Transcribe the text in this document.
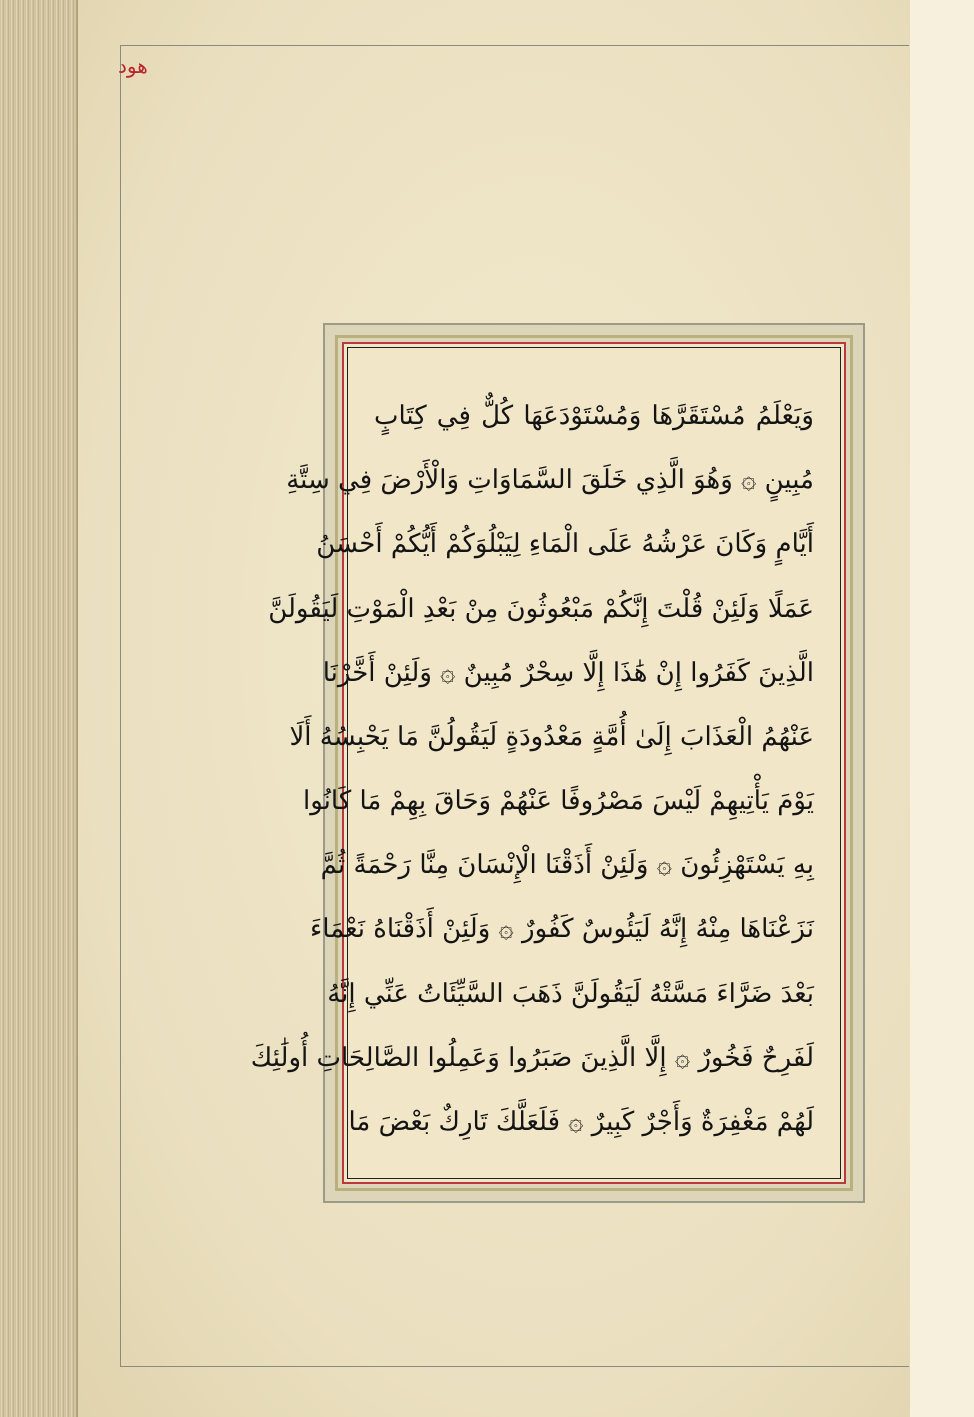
هود
وَيَعْلَمُ مُسْتَقَرَّهَا وَمُسْتَوْدَعَهَا كُلٌّ فِي كِتَابٍ
مُبِينٍ ۞ وَهُوَ الَّذِي خَلَقَ السَّمَاوَاتِ وَالْأَرْضَ فِي سِتَّةِ
أَيَّامٍ وَكَانَ عَرْشُهُ عَلَى الْمَاءِ لِيَبْلُوَكُمْ أَيُّكُمْ أَحْسَنُ
عَمَلًا وَلَئِنْ قُلْتَ إِنَّكُمْ مَبْعُوثُونَ مِنْ بَعْدِ الْمَوْتِ لَيَقُولَنَّ
الَّذِينَ كَفَرُوا إِنْ هَٰذَا إِلَّا سِحْرٌ مُبِينٌ ۞ وَلَئِنْ أَخَّرْنَا
عَنْهُمُ الْعَذَابَ إِلَىٰ أُمَّةٍ مَعْدُودَةٍ لَيَقُولُنَّ مَا يَحْبِسُهُ أَلَا
يَوْمَ يَأْتِيهِمْ لَيْسَ مَصْرُوفًا عَنْهُمْ وَحَاقَ بِهِمْ مَا كَانُوا
بِهِ يَسْتَهْزِئُونَ ۞ وَلَئِنْ أَذَقْنَا الْإِنْسَانَ مِنَّا رَحْمَةً ثُمَّ
نَزَعْنَاهَا مِنْهُ إِنَّهُ لَيَئُوسٌ كَفُورٌ ۞ وَلَئِنْ أَذَقْنَاهُ نَعْمَاءَ
بَعْدَ ضَرَّاءَ مَسَّتْهُ لَيَقُولَنَّ ذَهَبَ السَّيِّئَاتُ عَنِّي إِنَّهُ
لَفَرِحٌ فَخُورٌ ۞ إِلَّا الَّذِينَ صَبَرُوا وَعَمِلُوا الصَّالِحَاتِ أُولَٰئِكَ
لَهُمْ مَغْفِرَةٌ وَأَجْرٌ كَبِيرٌ ۞ فَلَعَلَّكَ تَارِكٌ بَعْضَ مَا
